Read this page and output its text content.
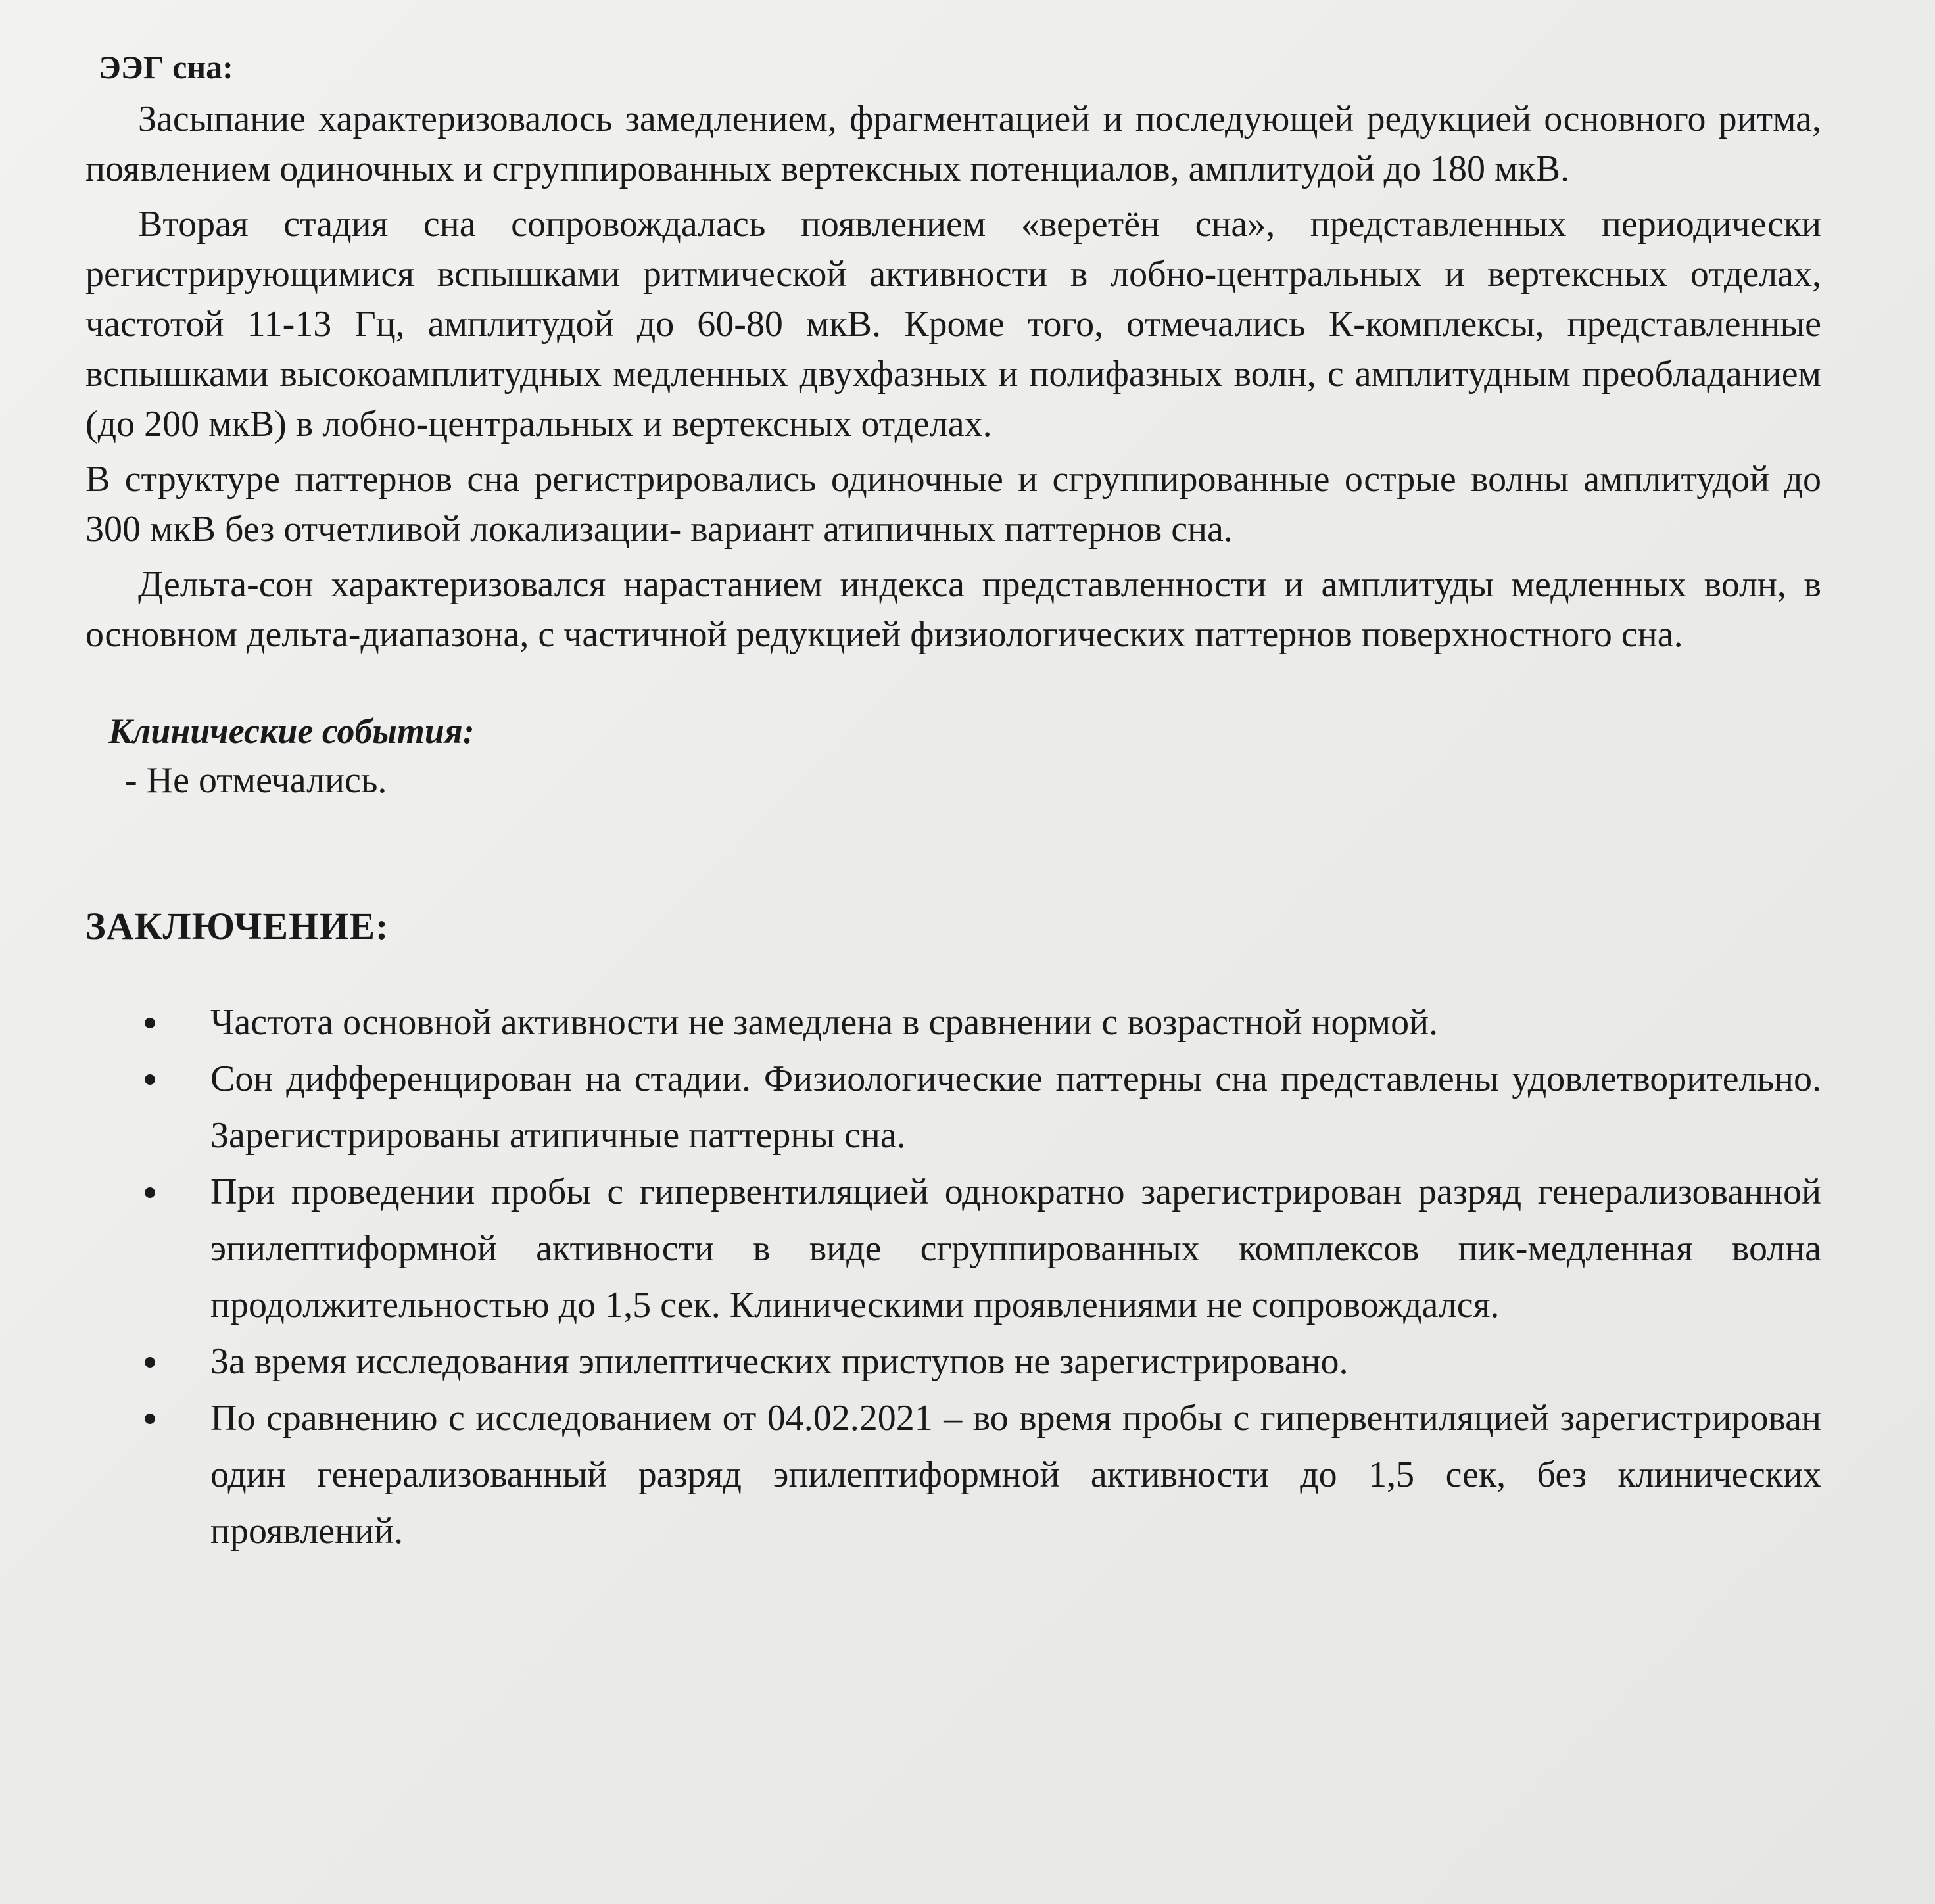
ЭЭГ сна:

Засыпание характеризовалось замедлением, фрагментацией и последующей редукцией основного ритма, появлением одиночных и сгруппированных вертексных потенциалов, амплитудой до 180 мкВ.

Вторая стадия сна сопровождалась появлением «веретён сна», представленных периодически регистрирующимися вспышками ритмической активности в лобно-центральных и вертексных отделах, частотой 11-13 Гц, амплитудой до 60-80 мкВ. Кроме того, отмечались К-комплексы, представленные вспышками высокоамплитудных медленных двухфазных и полифазных волн, с амплитудным преобладанием (до 200 мкВ) в лобно-центральных и вертексных отделах.

В структуре паттернов сна регистрировались одиночные и сгруппированные острые волны амплитудой до 300 мкВ без отчетливой локализации- вариант атипичных паттернов сна.

Дельта-сон характеризовался нарастанием индекса представленности и амплитуды медленных волн, в основном дельта-диапазона, с частичной редукцией физиологических паттернов поверхностного сна.

Клинические события:
- Не отмечались.
ЗАКЛЮЧЕНИЕ:
Частота основной активности не замедлена в сравнении с возрастной нормой.
Сон дифференцирован на стадии. Физиологические паттерны сна представлены удовлетворительно. Зарегистрированы атипичные паттерны сна.
При проведении пробы с гипервентиляцией однократно зарегистрирован разряд генерализованной эпилептиформной активности в виде сгруппированных комплексов пик-медленная волна продолжительностью до 1,5 сек. Клиническими проявлениями не сопровождался.
За время исследования эпилептических приступов не зарегистрировано.
По сравнению с исследованием от 04.02.2021 – во время пробы с гипервентиляцией зарегистрирован один генерализованный разряд эпилептиформной активности до 1,5 сек, без клинических проявлений.
